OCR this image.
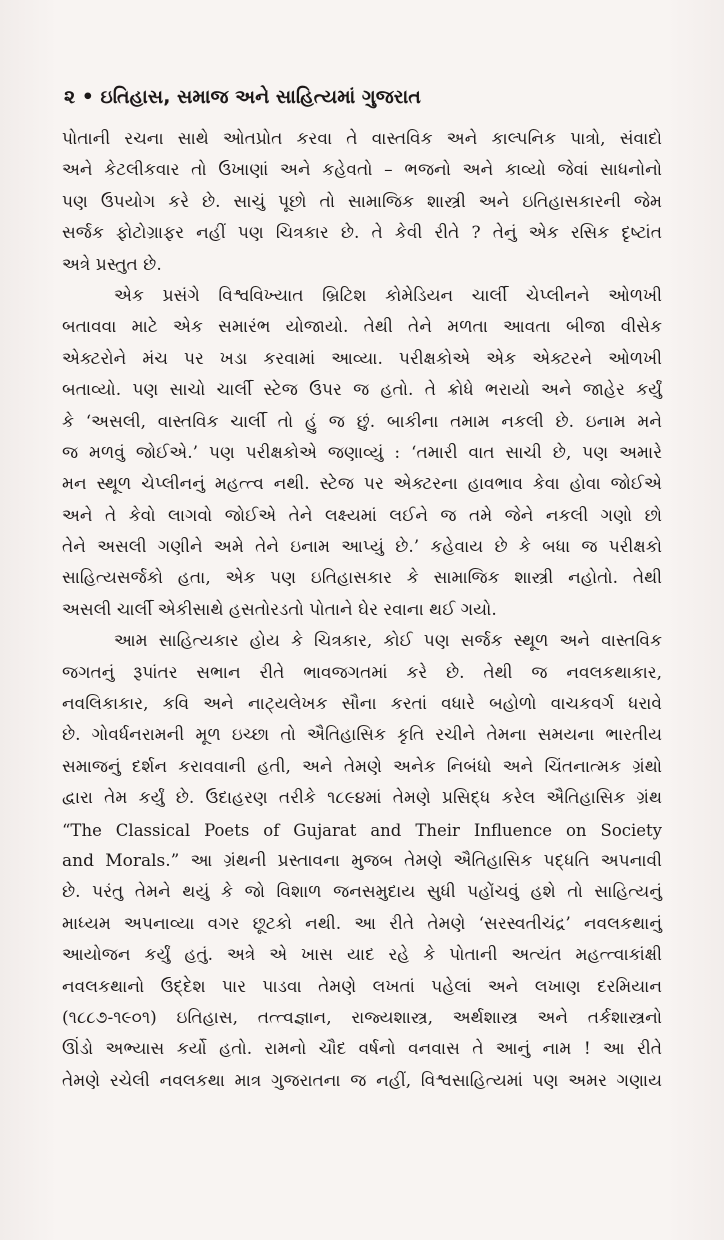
૨ • ઇતિહાસ, સમાજ અને સાહિત્યમાં ગુજરાત

પોતાની રચના સાથે ઓતપ્રોત કરવા તે વાસ્તવિક અને કાલ્પનિક પાત્રો, સંવાદો
અને કેટલીકવાર તો ઉખાણાં અને કહેવતો – ભજનો અને કાવ્યો જેવાં સાધનોનો
પણ ઉપયોગ કરે છે. સાચું પૂછો તો સામાજિક શાસ્ત્રી અને ઇતિહાસકારની જેમ
સર્જક ફોટોગ્રાફર નહીં પણ ચિત્રકાર છે. તે કેવી રીતે ? તેનું એક રસિક દૃષ્ટાંત
અત્રે પ્રસ્તુત છે.

એક પ્રસંગે વિશ્વવિખ્યાત બ્રિટિશ કોમેડિયન ચાર્લી ચેપ્લીનને ઓળખી
બતાવવા માટે એક સમારંભ યોજાયો. તેથી તેને મળતા આવતા બીજા વીસેક
એક્ટરોને મંચ પર ખડા કરવામાં આવ્યા. પરીક્ષકોએ એક એક્ટરને ઓળખી
બતાવ્યો. પણ સાચો ચાર્લી સ્ટેજ ઉપર જ હતો. તે ક્રોધે ભરાયો અને જાહેર કર્યું
કે ‘અસલી, વાસ્તવિક ચાર્લી તો હું જ છું. બાકીના તમામ નકલી છે. ઇનામ મને
જ મળવું જોઈએ.’ પણ પરીક્ષકોએ જણાવ્યું : ‘તમારી વાત સાચી છે, પણ અમારે
મન સ્થૂળ ચેપ્લીનનું મહત્ત્વ નથી. સ્ટેજ પર એક્ટરના હાવભાવ કેવા હોવા જોઈએ
અને તે કેવો લાગવો જોઈએ તેને લક્ષ્યમાં લઈને જ તમે જેને નકલી ગણો છો
તેને અસલી ગણીને અમે તેને ઇનામ આપ્યું છે.’ કહેવાય છે કે બધા જ પરીક્ષકો
સાહિત્યસર્જકો હતા, એક પણ ઇતિહાસકાર કે સામાજિક શાસ્ત્રી નહોતો. તેથી
અસલી ચાર્લી એકીસાથે હસતોરડતો પોતાને ઘેર રવાના થઈ ગયો.

આમ સાહિત્યકાર હોય કે ચિત્રકાર, કોઈ પણ સર્જક સ્થૂળ અને વાસ્તવિક
જગતનું રૂપાંતર સભાન રીતે ભાવજગતમાં કરે છે. તેથી જ નવલકથાકાર,
નવલિકાકાર, કવિ અને નાટ્યલેખક સૌના કરતાં વધારે બહોળો વાચકવર્ગ ધરાવે
છે. ગોવર્ધનરામની મૂળ ઇચ્છા તો ઐતિહાસિક કૃતિ રચીને તેમના સમયના ભારતીય
સમાજનું દર્શન કરાવવાની હતી, અને તેમણે અનેક નિબંધો અને ચિંતનાત્મક ગ્રંથો
દ્વારા તેમ કર્યું છે. ઉદાહરણ તરીકે ૧૮૯૪માં તેમણે પ્રસિદ્ધ કરેલ ઐતિહાસિક ગ્રંથ
“The Classical Poets of Gujarat and Their Influence on Society
and Morals.” આ ગ્રંથની પ્રસ્તાવના મુજબ તેમણે ઐતિહાસિક પદ્ધતિ અપનાવી
છે. પરંતુ તેમને થયું કે જો વિશાળ જનસમુદાય સુધી પહોંચવું હશે તો સાહિત્યનું
માધ્યમ અપનાવ્યા વગર છૂટકો નથી. આ રીતે તેમણે ‘સરસ્વતીચંદ્ર’ નવલકથાનું
આયોજન કર્યું હતું. અત્રે એ ખાસ યાદ રહે કે પોતાની અત્યંત મહત્ત્વાકાંક્ષી
નવલકથાનો ઉદ્દેશ પાર પાડવા તેમણે લખતાં પહેલાં અને લખાણ દરમિયાન
(૧૮૮૭-૧૯૦૧) ઇતિહાસ, તત્ત્વજ્ઞાન, રાજ્યશાસ્ત્ર, અર્થશાસ્ત્ર અને તર્કશાસ્ત્રનો
ઊંડો અભ્યાસ કર્યો હતો. રામનો ચૌદ વર્ષનો વનવાસ તે આનું નામ ! આ રીતે
તેમણે રચેલી નવલકથા માત્ર ગુજરાતના જ નહીં, વિશ્વસાહિત્યમાં પણ અમર ગણાય
